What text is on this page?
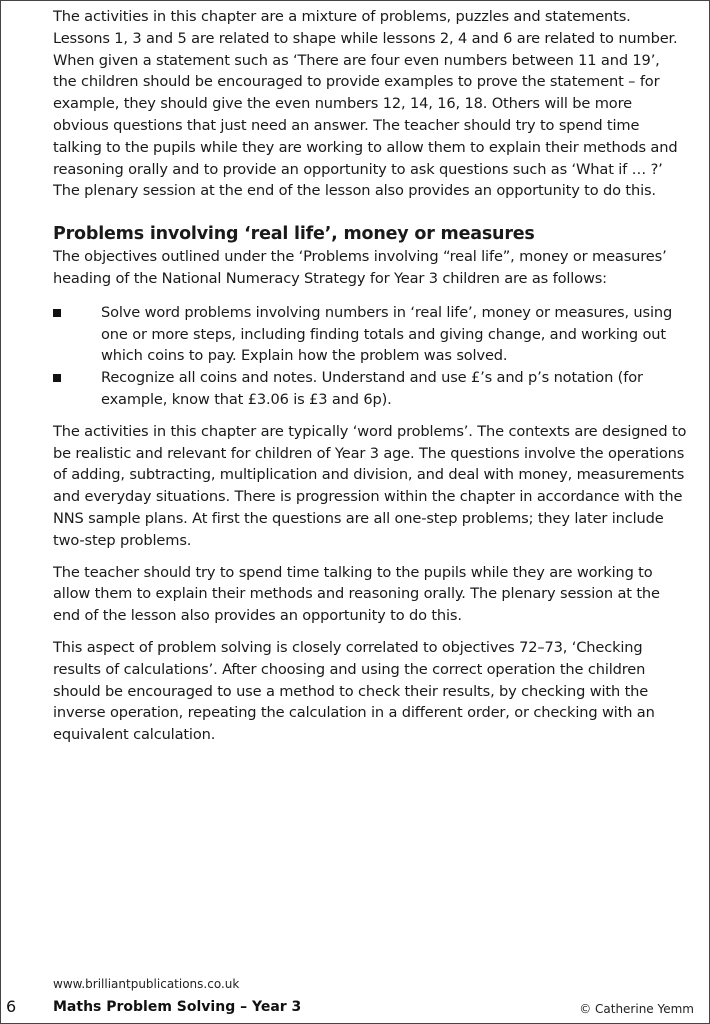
The activities in this chapter are a mixture of problems, puzzles and statements. Lessons 1, 3 and 5 are related to shape while lessons 2, 4 and 6 are related to number. When given a statement such as ‘There are four even numbers between 11 and 19’, the children should be encouraged to provide examples to prove the statement – for example, they should give the even numbers 12, 14, 16, 18. Others will be more obvious questions that just need an answer. The teacher should try to spend time talking to the pupils while they are working to allow them to explain their methods and reasoning orally and to provide an opportunity to ask questions such as ‘What if … ?’ The plenary session at the end of the lesson also provides an opportunity to do this.

Problems involving ‘real life’, money or measures

The objectives outlined under the ‘Problems involving “real life”, money or measures’ heading of the National Numeracy Strategy for Year 3 children are as follows:

Solve word problems involving numbers in ‘real life’, money or measures, using one or more steps, including finding totals and giving change, and working out which coins to pay. Explain how the problem was solved.
Recognize all coins and notes. Understand and use £’s and p’s notation (for example, know that £3.06 is £3 and 6p).

The activities in this chapter are typically ‘word problems’. The contexts are designed to be realistic and relevant for children of Year 3 age. The questions involve the operations of adding, subtracting, multiplication and division, and deal with money, measurements and everyday situations. There is progression within the chapter in accordance with the NNS sample plans. At first the questions are all one-step problems; they later include two-step problems.

The teacher should try to spend time talking to the pupils while they are working to allow them to explain their methods and reasoning orally. The plenary session at the end of the lesson also provides an opportunity to do this.

This aspect of problem solving is closely correlated to objectives 72–73, ‘Checking results of calculations’. After choosing and using the correct operation the children should be encouraged to use a method to check their results, by checking with the inverse operation, repeating the calculation in a different order, or checking with an equivalent calculation.

www.brilliantpublications.co.uk
6	Maths Problem Solving – Year 3	© Catherine Yemm
